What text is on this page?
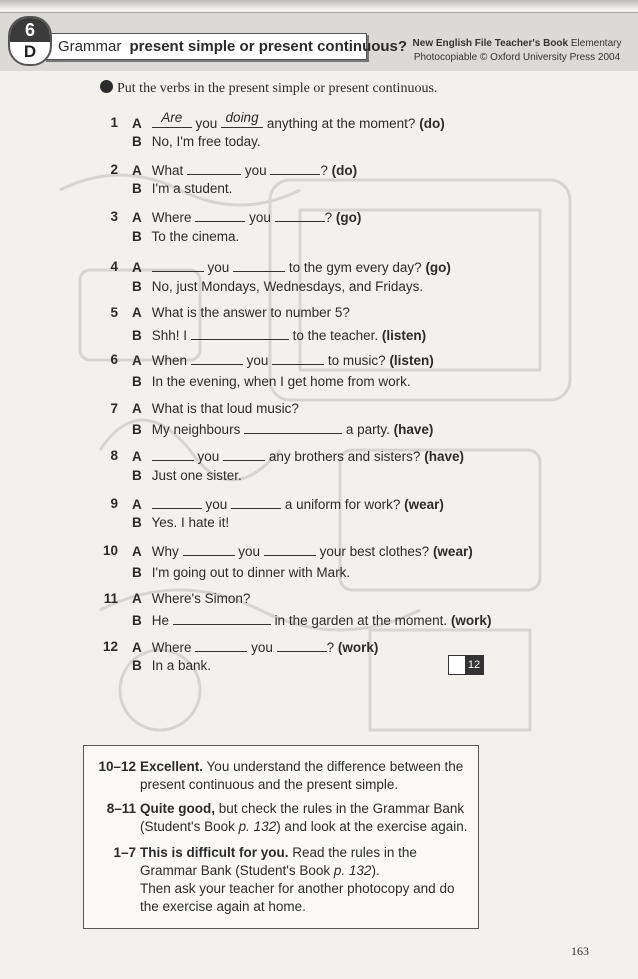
Grammar present simple or present continuous?
6
D	New English File Teacher's Book Elementary
Photocopiable © Oxford University Press 2004
Put the verbs in the present simple or present continuous.
1 A	Are you doing anything at the moment? (do)
B No, I'm free today.
2 A What	you	? (do)
B I'm a student.
3 A Where	you	? (go)
B To the cinema.
4 A	you	to the gym every day? (go)
B No, just Mondays, Wednesdays, and Fridays.
5 A What is the answer to number 5?
B Shh! I	to the teacher. (listen)
6 A When	you	to music? (listen)
B In the evening, when I get home from work.
7 A What is that loud music?
B My neighbours	a party. (have)
8 A	you	any brothers and sisters? (have)
B Just one sister.
9 A	you	a uniform for work? (wear)
B Yes. I hate it!
10 A Why	you	your best clothes? (wear)
B I'm going out to dinner with Mark.
11 A Where's Simon?
B He	in the garden at the moment. (work)
12 A Where	you	? (work)
B In a bank.	12
10–12 Excellent. You understand the difference between the
present continuous and the present simple.
8–11 Quite good, but check the rules in the Grammar Bank
(Student's Book p. 132) and look at the exercise again.
1–7 This is difficult for you. Read the rules in the
Grammar Bank (Student's Book p. 132).
Then ask your teacher for another photocopy and do
the exercise again at home.
163
